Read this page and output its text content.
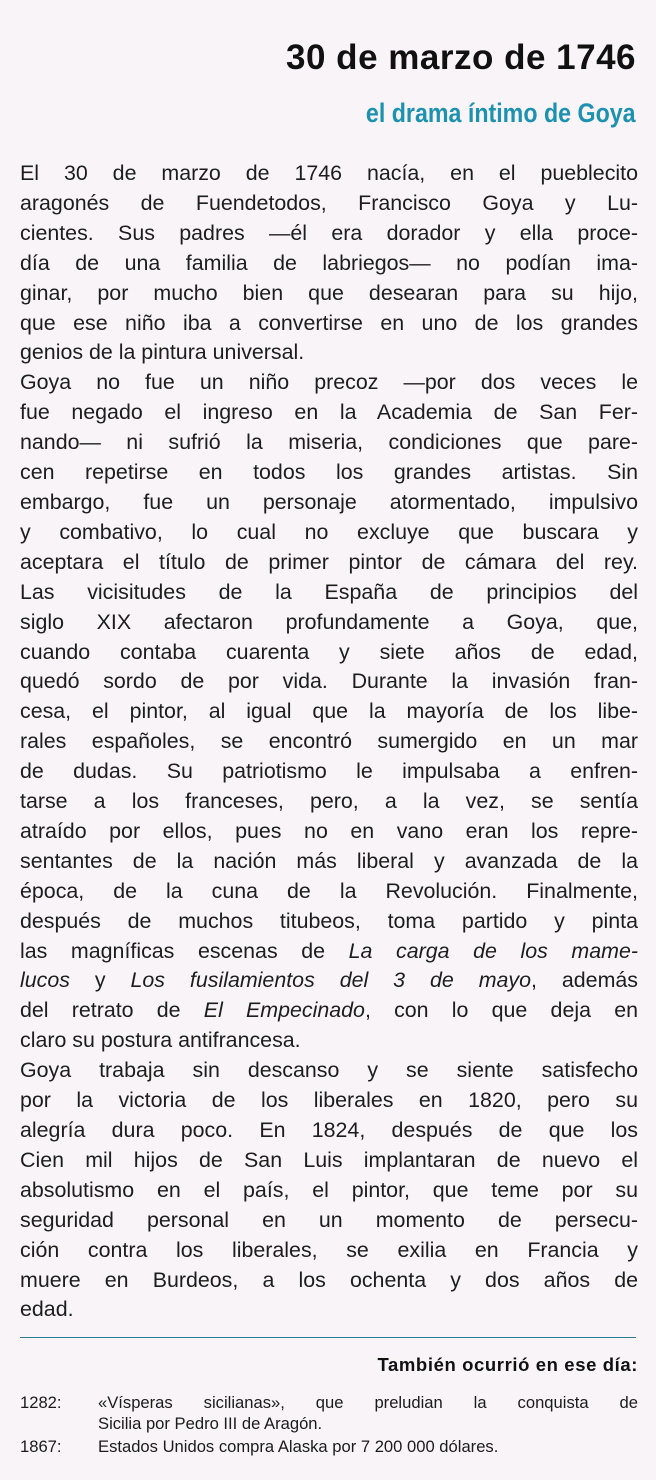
30 de marzo de 1746
el drama íntimo de Goya
El 30 de marzo de 1746 nacía, en el pueblecito
aragonés de Fuendetodos, Francisco Goya y Lu-
cientes. Sus padres —él era dorador y ella proce-
día de una familia de labriegos— no podían ima-
ginar, por mucho bien que desearan para su hijo,
que ese niño iba a convertirse en uno de los grandes
genios de la pintura universal.
Goya no fue un niño precoz —por dos veces le
fue negado el ingreso en la Academia de San Fer-
nando— ni sufrió la miseria, condiciones que pare-
cen repetirse en todos los grandes artistas. Sin
embargo, fue un personaje atormentado, impulsivo
y combativo, lo cual no excluye que buscara y
aceptara el título de primer pintor de cámara del rey.
Las vicisitudes de la España de principios del
siglo XIX afectaron profundamente a Goya, que,
cuando contaba cuarenta y siete años de edad,
quedó sordo de por vida. Durante la invasión fran-
cesa, el pintor, al igual que la mayoría de los libe-
rales españoles, se encontró sumergido en un mar
de dudas. Su patriotismo le impulsaba a enfren-
tarse a los franceses, pero, a la vez, se sentía
atraído por ellos, pues no en vano eran los repre-
sentantes de la nación más liberal y avanzada de la
época, de la cuna de la Revolución. Finalmente,
después de muchos titubeos, toma partido y pinta
las magníficas escenas de La carga de los mame-
lucos y Los fusilamientos del 3 de mayo, además
del retrato de El Empecinado, con lo que deja en
claro su postura antifrancesa.
Goya trabaja sin descanso y se siente satisfecho
por la victoria de los liberales en 1820, pero su
alegría dura poco. En 1824, después de que los
Cien mil hijos de San Luis implantaran de nuevo el
absolutismo en el país, el pintor, que teme por su
seguridad personal en un momento de persecu-
ción contra los liberales, se exilia en Francia y
muere en Burdeos, a los ochenta y dos años de
edad.
También ocurrió en ese día:
1282:	«Vísperas sicilianas», que preludian la conquista de
Sicilia por Pedro III de Aragón.
1867:	Estados Unidos compra Alaska por 7 200 000 dólares.
